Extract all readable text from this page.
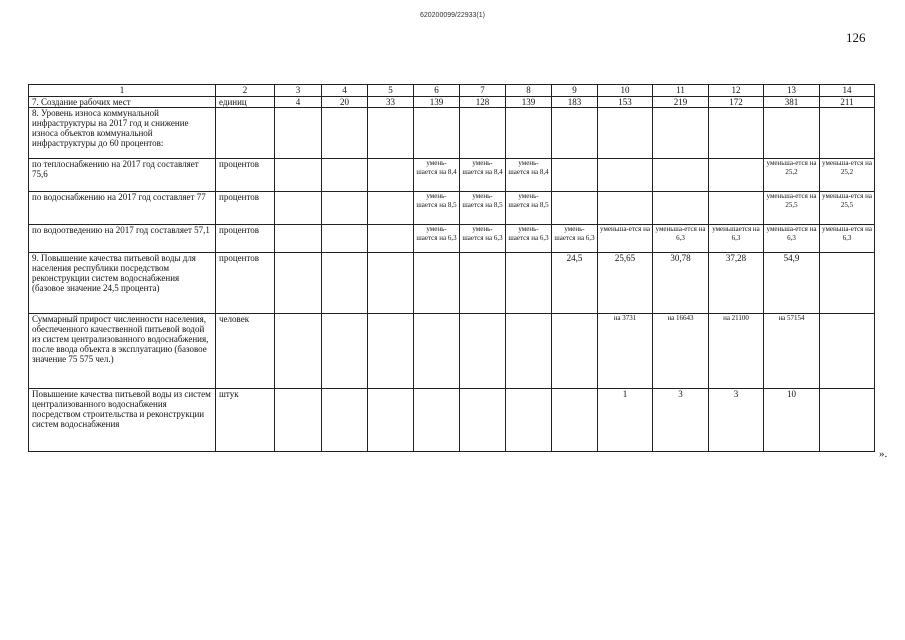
620200099/22933(1)
126
1	2	3	4	5	6	7	8	9	10	11	12	13	14
7. Создание рабочих мест	единиц	4	20	33	139	128	139	183	153	219	172	381	211
8. Уровень износа коммунальной инфраструктуры на 2017 год и снижение износа объектов коммунальной инфраструктуры до 60 процентов:													
по теплоснабжению на 2017 год составляет 75,6	процентов				умень-шается на 8,4	умень-шается на 8,4	умень-шается на 8,4					уменьша-ется на 25,2	уменьша-ется на 25,2
по водоснабжению на 2017 год составляет 77	процентов				умень-шается на 8,5	умень-шается на 8,5	умень-шается на 8,5					уменьша-ется на 25,5	уменьша-ется на 25,5
по водоотведению на 2017 год составляет 57,1	процентов				умень-шается на 6,3	умень-шается на 6,3	умень-шается на 6,3	умень-шается на 6,3	уменьша-ется на	уменьша-ется на 6,3	уменьшается на 6,3	уменьша-ется на 6,3	уменьша-ется на 6,3
9. Повышение качества питьевой воды для населения республики посредством реконструкции систем водоснабжения (базовое значение 24,5 процента)	процентов							24,5	25,65	30,78	37,28	54,9	
Суммарный прирост численности населения, обеспеченного качественной питьевой водой из систем централизованного водоснабжения, после ввода объекта в эксплуатацию (базовое значение 75 575 чел.)	человек								на 3731	на 16643	на 21100	на 57154	
Повышение качества питьевой воды из систем централизованного водоснабжения посредством строительства и реконструкции систем водоснабжения	штук								1	3	3	10	
».
